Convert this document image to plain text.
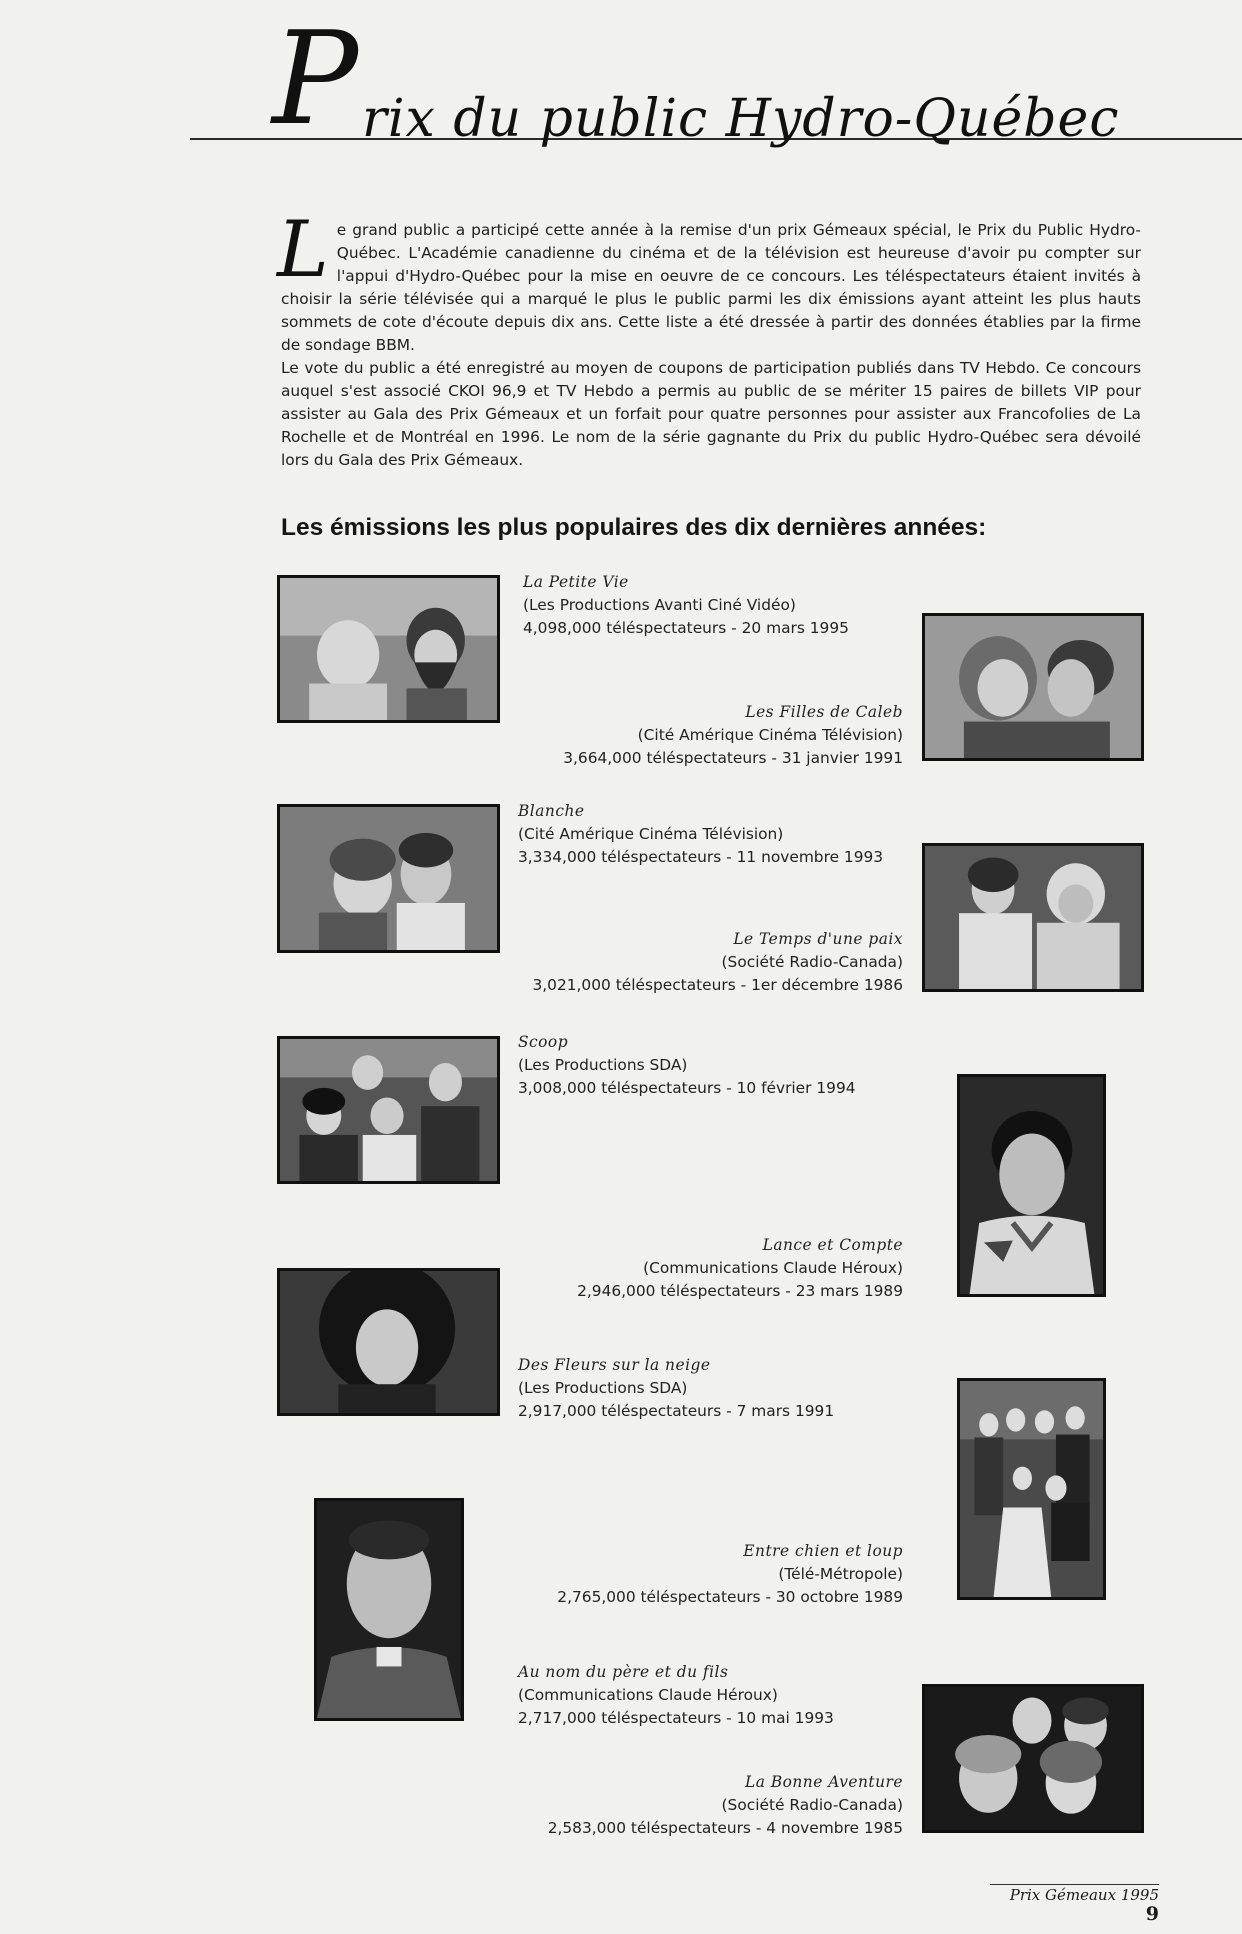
P rix du public Hydro-Québec
L e grand public a participé cette année à la remise d'un prix Gémeaux spécial, le Prix du Public Hydro-Québec. L'Académie canadienne du cinéma et de la télévision est heureuse d'avoir pu compter sur l'appui d'Hydro-Québec pour la mise en oeuvre de ce concours. Les téléspectateurs étaient invités à choisir la série télévisée qui a marqué le plus le public parmi les dix émissions ayant atteint les plus hauts sommets de cote d'écoute depuis dix ans. Cette liste a été dressée à partir des données établies par la firme de sondage BBM.

Le vote du public a été enregistré au moyen de coupons de participation publiés dans TV Hebdo. Ce concours auquel s'est associé CKOI 96,9 et TV Hebdo a permis au public de se mériter 15 paires de billets VIP pour assister au Gala des Prix Gémeaux et un forfait pour quatre personnes pour assister aux Francofolies de La Rochelle et de Montréal en 1996. Le nom de la série gagnante du Prix du public Hydro-Québec sera dévoilé lors du Gala des Prix Gémeaux.

Les émissions les plus populaires des dix dernières années:
La Petite Vie
(Les Productions Avanti Ciné Vidéo)
4,098,000 téléspectateurs - 20 mars 1995
Les Filles de Caleb
(Cité Amérique Cinéma Télévision)
3,664,000 téléspectateurs - 31 janvier 1991
Blanche
(Cité Amérique Cinéma Télévision)
3,334,000 téléspectateurs - 11 novembre 1993
Le Temps d'une paix
(Société Radio-Canada)
3,021,000 téléspectateurs - 1er décembre 1986
Scoop
(Les Productions SDA)
3,008,000 téléspectateurs - 10 février 1994
Lance et Compte
(Communications Claude Héroux)
2,946,000 téléspectateurs - 23 mars 1989
Des Fleurs sur la neige
(Les Productions SDA)
2,917,000 téléspectateurs - 7 mars 1991
Entre chien et loup
(Télé-Métropole)
2,765,000 téléspectateurs - 30 octobre 1989
Au nom du père et du fils
(Communications Claude Héroux)
2,717,000 téléspectateurs - 10 mai 1993
La Bonne Aventure
(Société Radio-Canada)
2,583,000 téléspectateurs - 4 novembre 1985
Prix Gémeaux 1995
9
